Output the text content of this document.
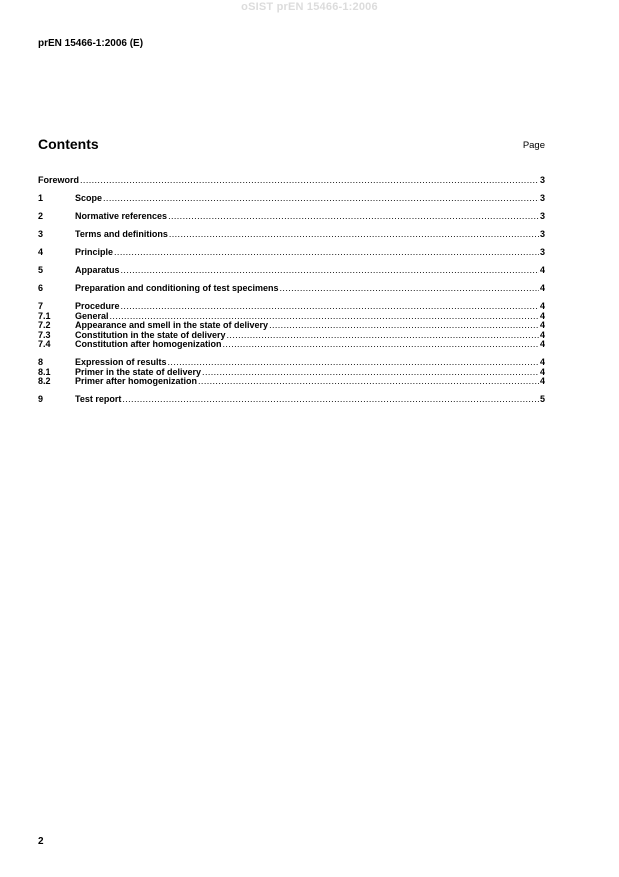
oSIST prEN 15466-1:2006
prEN 15466-1:2006 (E)
Contents	Page
Foreword .....	3
1	Scope .....	3
2	Normative references .....	3
3	Terms and definitions .....	3
4	Principle .....	3
5	Apparatus .....	4
6	Preparation and conditioning of test specimens .....	4
7	Procedure .....	4
7.1	General .....	4
7.2	Appearance and smell in the state of delivery .....	4
7.3	Constitution in the state of delivery .....	4
7.4	Constitution after homogenization .....	4
8	Expression of results .....	4
8.1	Primer in the state of delivery .....	4
8.2	Primer after homogenization .....	4
9	Test report .....	5
2
